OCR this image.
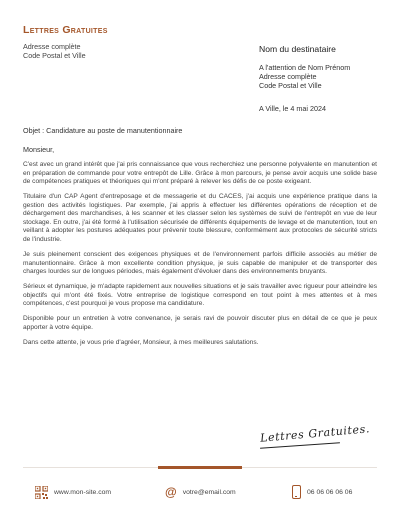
Lettres Gratuites
Adresse complète
Code Postal et Ville
Nom du destinataire
A l'attention de Nom Prénom
Adresse complète
Code Postal et Ville
A Ville, le 4 mai 2024
Objet : Candidature au poste de manutentionnaire
Monsieur,

C'est avec un grand intérêt que j'ai pris connaissance que vous recherchiez une personne polyvalente en manutention et en préparation de commande pour votre entrepôt de Lille. Grâce à mon parcours, je pense avoir acquis une solide base de compétences pratiques et théoriques qui m'ont préparé à relever les défis de ce poste exigeant.

Titulaire d'un CAP Agent d'entreposage et de messagerie et du CACES, j'ai acquis une expérience pratique dans la gestion des activités logistiques. Par exemple, j'ai appris à effectuer les différentes opérations de réception et de déchargement des marchandises, à les scanner et les classer selon les systèmes de suivi de l'entrepôt en vue de leur stockage. En outre, j'ai été formé à l'utilisation sécurisée de différents équipements de levage et de manutention, tout en veillant à adopter les postures adéquates pour prévenir toute blessure, conformément aux protocoles de sécurité stricts de l'industrie.

Je suis pleinement conscient des exigences physiques et de l'environnement parfois difficile associés au métier de manutentionnaire. Grâce à mon excellente condition physique, je suis capable de manipuler et de transporter des charges lourdes sur de longues périodes, mais également d'évoluer dans des environnements bruyants.

Sérieux et dynamique, je m'adapte rapidement aux nouvelles situations et je sais travailler avec rigueur pour atteindre les objectifs qui m'ont été fixés. Votre entreprise de logistique correspond en tout point à mes attentes et à mes compétences, c'est pourquoi je vous propose ma candidature.

Disponible pour un entretien à votre convenance, je serais ravi de pouvoir discuter plus en détail de ce que je peux apporter à votre équipe.

Dans cette attente, je vous prie d'agréer, Monsieur, à mes meilleures salutations.

Lettres Gratuites.
www.mon-site.com	@ votre@email.com	06 06 06 06 06
